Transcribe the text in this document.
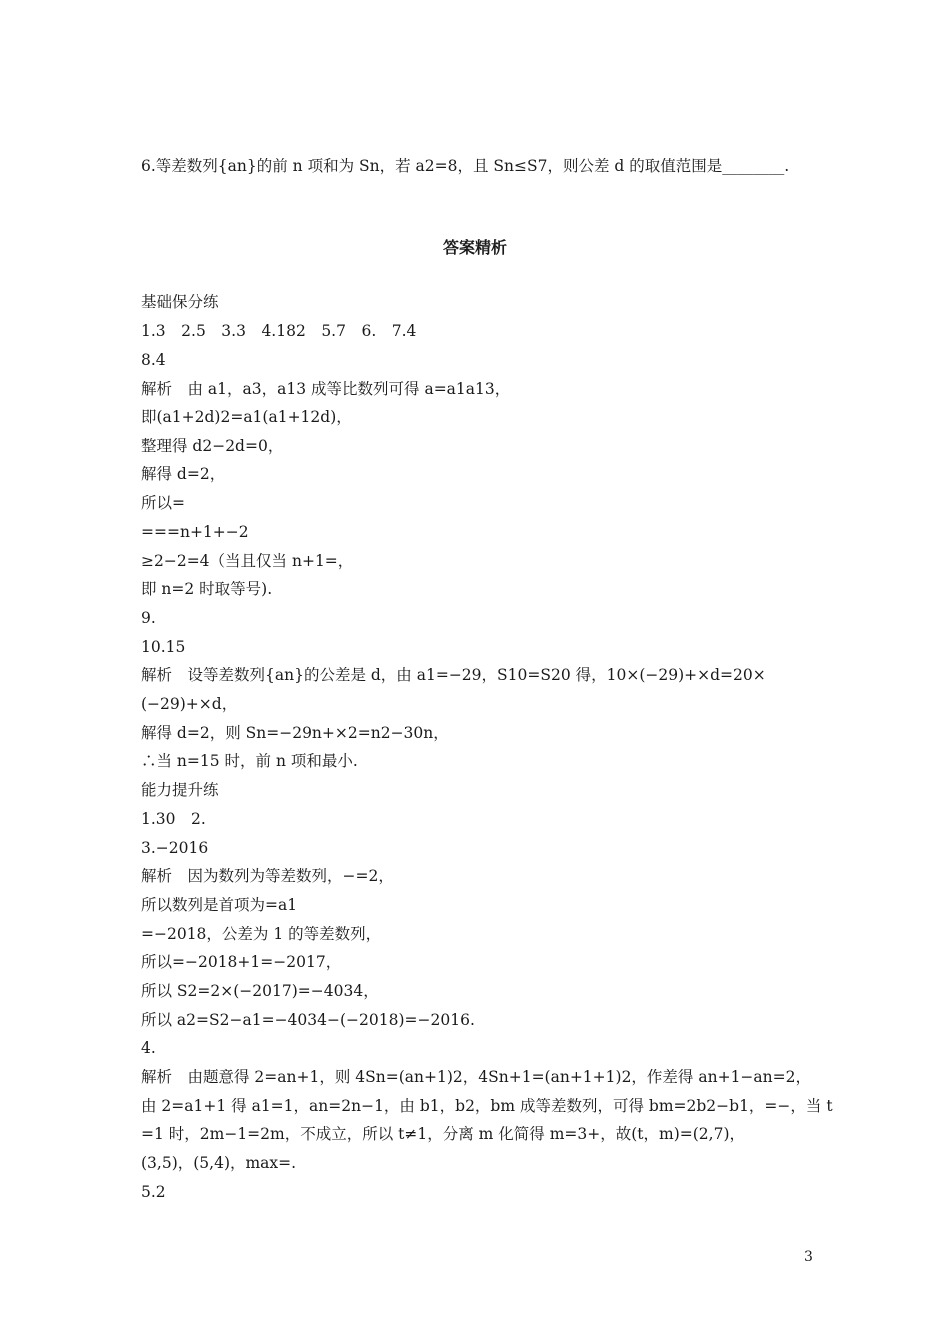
6.等差数列{an}的前 n 项和为 Sn，若 a2=8，且 Sn≤S7，则公差 d 的取值范围是________.
答案精析
基础保分练
1.3　2.5　3.3　4.182　5.7　6.　7.4
8.4
解析　由 a1，a3，a13 成等比数列可得 a=a1a13，
即(a1+2d)2=a1(a1+12d)，
整理得 d2−2d=0，
解得 d=2，
所以=
===n+1+−2
≥2−2=4（当且仅当 n+1=，
即 n=2 时取等号).
9.
10.15
解析　设等差数列{an}的公差是 d，由 a1=−29，S10=S20 得，10×(−29)+×d=20×
(−29)+×d，
解得 d=2，则 Sn=−29n+×2=n2−30n，
∴当 n=15 时，前 n 项和最小.
能力提升练
1.30　2.
3.−2016
解析　因为数列为等差数列，−=2，
所以数列是首项为=a1
=−2018，公差为 1 的等差数列，
所以=−2018+1=−2017，
所以 S2=2×(−2017)=−4034，
所以 a2=S2−a1=−4034−(−2018)=−2016.
4.
解析　由题意得 2=an+1，则 4Sn=(an+1)2，4Sn+1=(an+1+1)2，作差得 an+1−an=2，
由 2=a1+1 得 a1=1，an=2n−1，由 b1，b2，bm 成等差数列，可得 bm=2b2−b1，=−，当 t
=1 时，2m−1=2m，不成立，所以 t≠1，分离 m 化简得 m=3+，故(t，m)=(2,7)，
(3,5)，(5,4)，max=.
5.2
3
